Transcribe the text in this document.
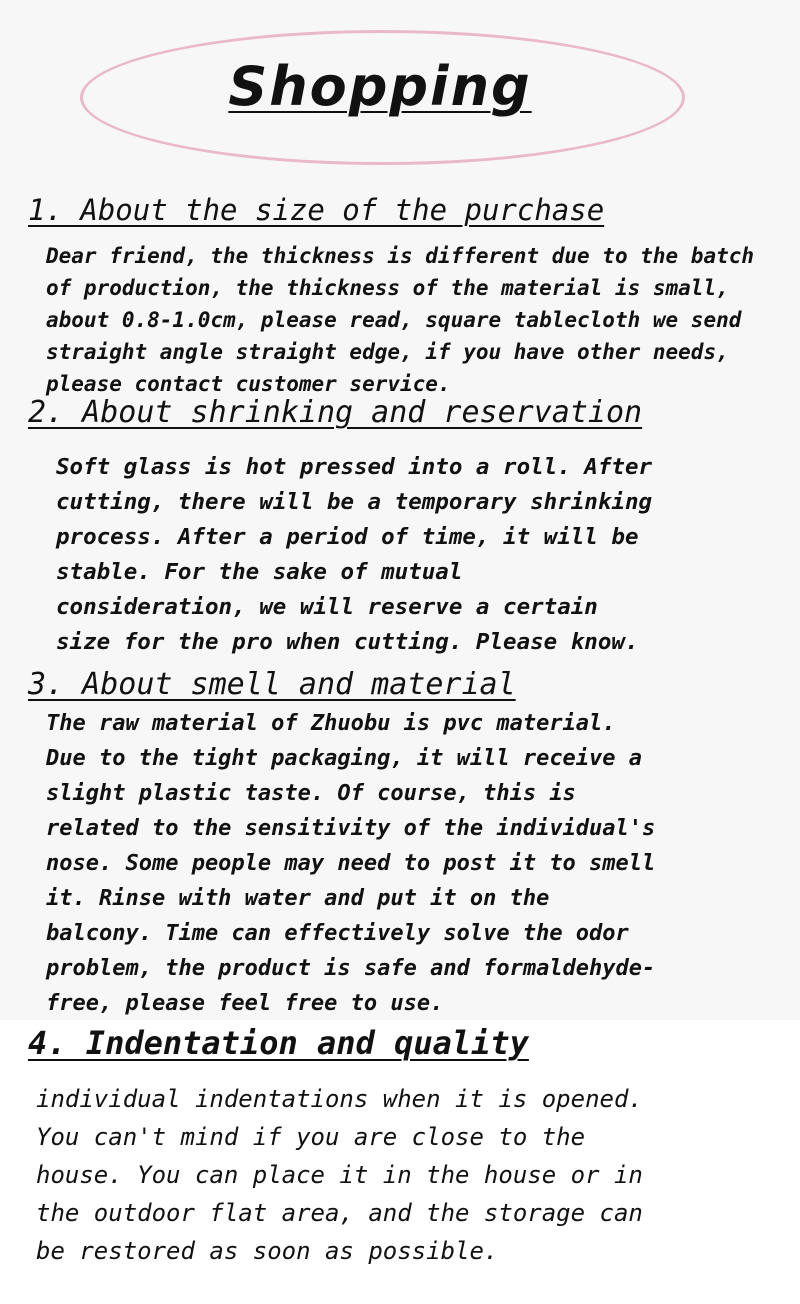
Shopping
1. About the size of the purchase

Dear friend, the thickness is different due to the batch
of production, the thickness of the material is small,
about 0.8-1.0cm, please read, square tablecloth we send
straight angle straight edge, if you have other needs,
please contact customer service.

2. About shrinking and reservation

Soft glass is hot pressed into a roll. After
cutting, there will be a temporary shrinking
process. After a period of time, it will be
stable. For the sake of mutual
consideration, we will reserve a certain
size for the pro when cutting. Please know.

3. About smell and material

The raw material of Zhuobu is pvc material.
Due to the tight packaging, it will receive a
slight plastic taste. Of course, this is
related to the sensitivity of the individual's
nose. Some people may need to post it to smell
it. Rinse with water and put it on the
balcony. Time can effectively solve the odor
problem, the product is safe and formaldehyde-
free, please feel free to use.

4. Indentation and quality

individual indentations when it is opened.
You can't mind if you are close to the
house. You can place it in the house or in
the outdoor flat area, and the storage can
be restored as soon as possible.
